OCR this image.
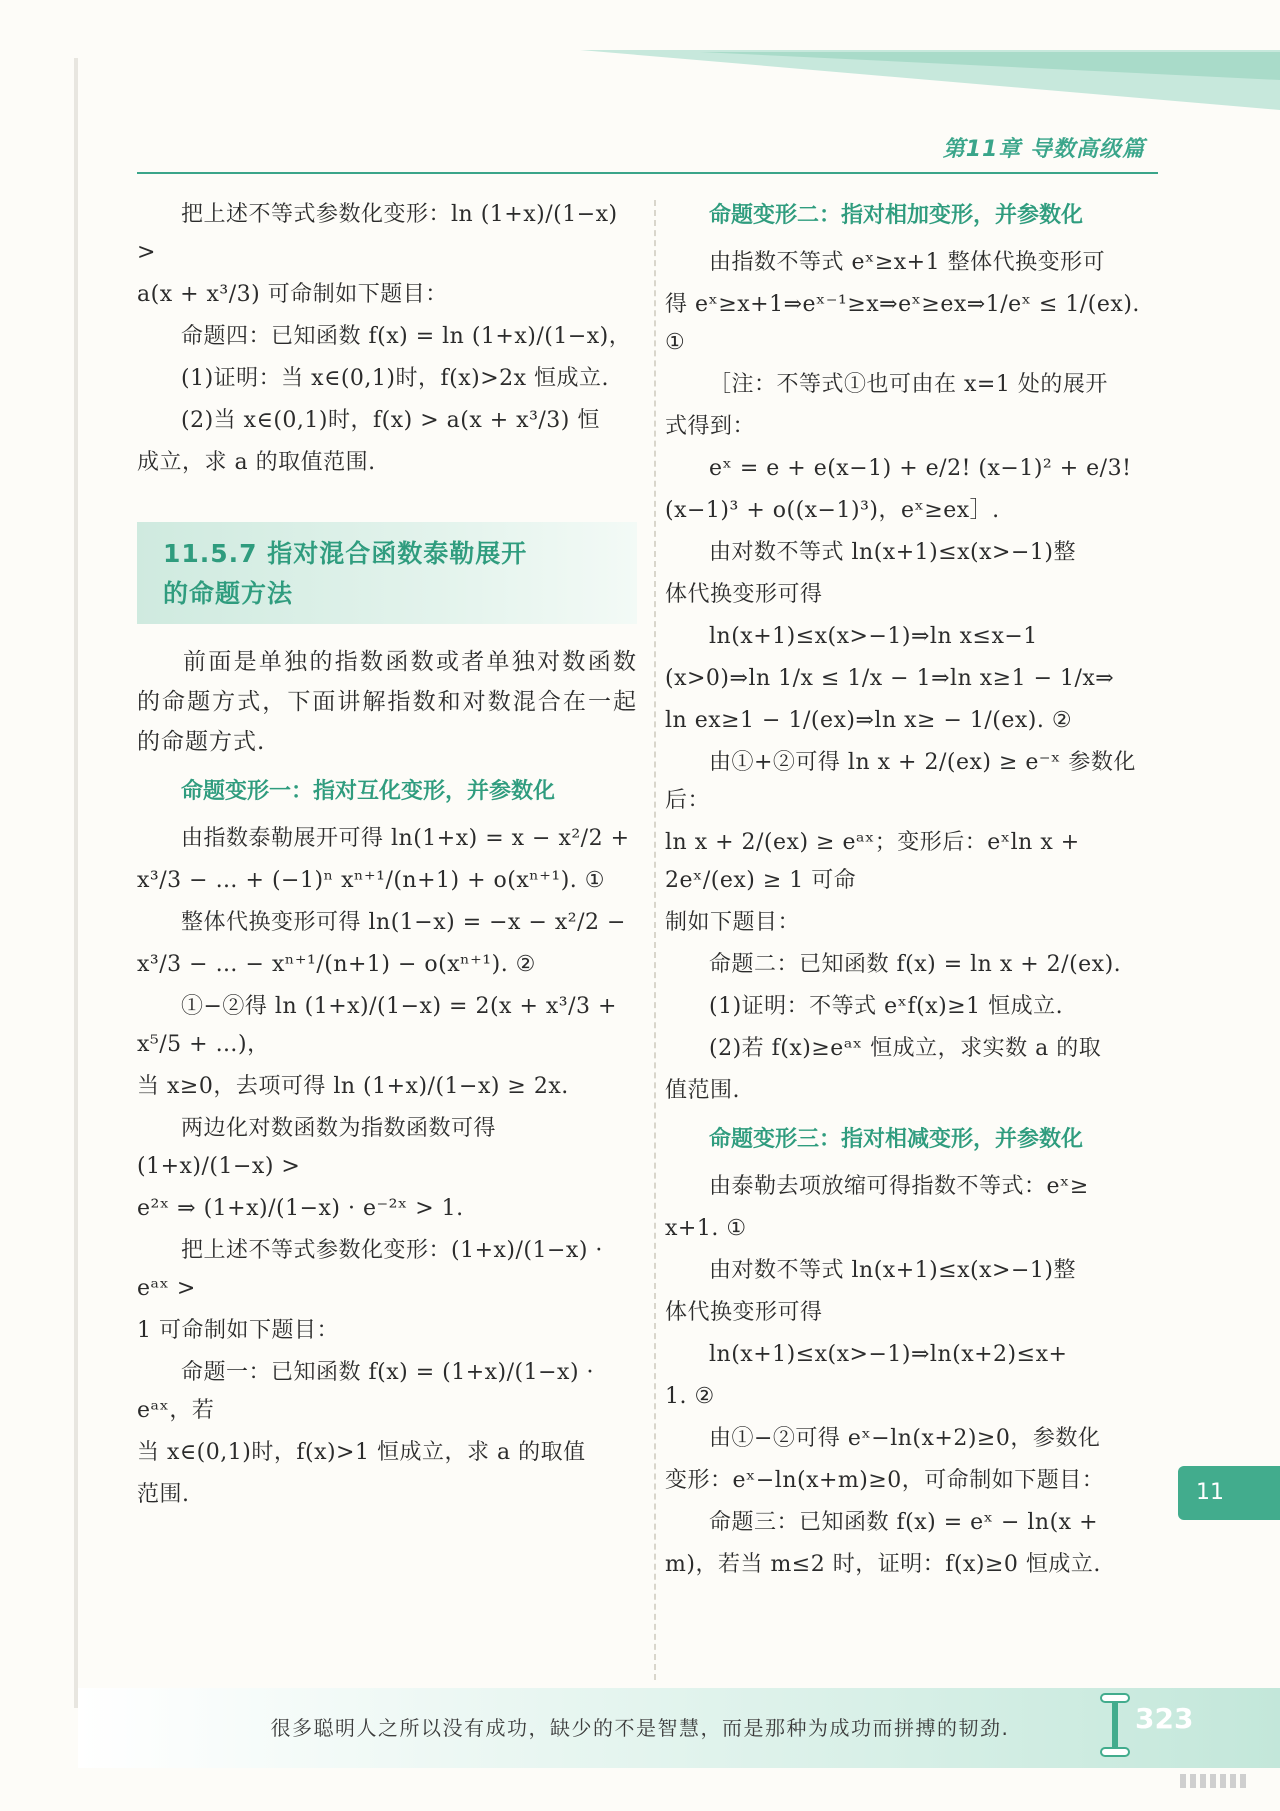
第11章 导数高级篇

把上述不等式参数化变形：ln (1+x)/(1−x) >

a(x + x³/3) 可命制如下题目：

命题四：已知函数 f(x) = ln (1+x)/(1−x)，

(1)证明：当 x∈(0,1)时，f(x)>2x 恒成立.

(2)当 x∈(0,1)时，f(x) > a(x + x³/3) 恒

成立，求 a 的取值范围.

11.5.7 指对混合函数泰勒展开
的命题方法

前面是单独的指数函数或者单独对数函数的命题方式，下面讲解指数和对数混合在一起的命题方式.

命题变形一：指对互化变形，并参数化

由指数泰勒展开可得 ln(1+x) = x − x²/2 +

x³/3 − … + (−1)ⁿ xⁿ⁺¹/(n+1) + o(xⁿ⁺¹). ①

整体代换变形可得 ln(1−x) = −x − x²/2 −

x³/3 − … − xⁿ⁺¹/(n+1) − o(xⁿ⁺¹). ②

①−②得 ln (1+x)/(1−x) = 2(x + x³/3 + x⁵/5 + …)，

当 x≥0，去项可得 ln (1+x)/(1−x) ≥ 2x.

两边化对数函数为指数函数可得 (1+x)/(1−x) >

e²ˣ ⇒ (1+x)/(1−x) · e⁻²ˣ > 1.

把上述不等式参数化变形：(1+x)/(1−x) · eᵃˣ >

1 可命制如下题目：

命题一：已知函数 f(x) = (1+x)/(1−x) · eᵃˣ，若

当 x∈(0,1)时，f(x)>1 恒成立，求 a 的取值

范围.

命题变形二：指对相加变形，并参数化

由指数不等式 eˣ≥x+1 整体代换变形可

得 eˣ≥x+1⇒eˣ⁻¹≥x⇒eˣ≥ex⇒1/eˣ ≤ 1/(ex). ①

［注：不等式①也可由在 x=1 处的展开

式得到：

eˣ = e + e(x−1) + e/2! (x−1)² + e/3!

(x−1)³ + o((x−1)³)，eˣ≥ex］.

由对数不等式 ln(x+1)≤x(x>−1)整

体代换变形可得

ln(x+1)≤x(x>−1)⇒ln x≤x−1

(x>0)⇒ln 1/x ≤ 1/x − 1⇒ln x≥1 − 1/x⇒

ln ex≥1 − 1/(ex)⇒ln x≥ − 1/(ex). ②

由①+②可得 ln x + 2/(ex) ≥ e⁻ˣ 参数化后：

ln x + 2/(ex) ≥ eᵃˣ；变形后：eˣln x + 2eˣ/(ex) ≥ 1 可命

制如下题目：

命题二：已知函数 f(x) = ln x + 2/(ex).

(1)证明：不等式 eˣf(x)≥1 恒成立.

(2)若 f(x)≥eᵃˣ 恒成立，求实数 a 的取

值范围.

命题变形三：指对相减变形，并参数化

由泰勒去项放缩可得指数不等式：eˣ≥

x+1. ①

由对数不等式 ln(x+1)≤x(x>−1)整

体代换变形可得

ln(x+1)≤x(x>−1)⇒ln(x+2)≤x+

1. ②

由①−②可得 eˣ−ln(x+2)≥0，参数化

变形：eˣ−ln(x+m)≥0，可命制如下题目：

命题三：已知函数 f(x) = eˣ − ln(x +

m)，若当 m≤2 时，证明：f(x)≥0 恒成立.

11
很多聪明人之所以没有成功，缺少的不是智慧，而是那种为成功而拼搏的韧劲.	323
